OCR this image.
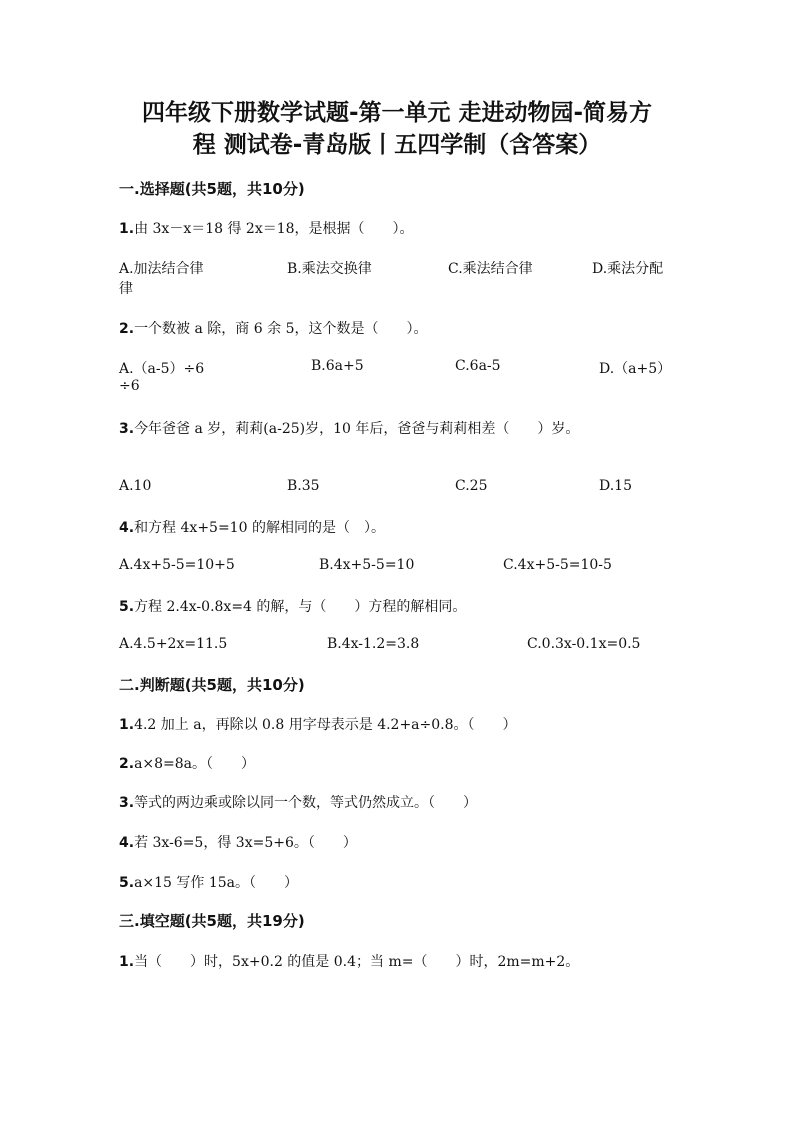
四年级下册数学试题-第一单元 走进动物园-简易方
程 测试卷-青岛版丨五四学制（含答案）
一.选择题(共5题，共10分)
1.由 3x－x＝18 得 2x＝18，是根据（　　）。
A.加法结合律	B.乘法交换律	C.乘法结合律	D.乘法分配
律
2.一个数被 a 除，商 6 余 5，这个数是（　　）。
A.（a-5）÷6	B.6a+5	C.6a-5	D.（a+5）
÷6
3.今年爸爸 a 岁，莉莉(a-25)岁，10 年后，爸爸与莉莉相差（　　）岁。
A.10	B.35	C.25	D.15
4.和方程 4x+5=10 的解相同的是（　）。
A.4x+5-5=10+5	B.4x+5-5=10	C.4x+5-5=10-5
5.方程 2.4x-0.8x=4 的解，与（　　）方程的解相同。
A.4.5+2x=11.5	B.4x-1.2=3.8	C.0.3x-0.1x=0.5
二.判断题(共5题，共10分)
1.4.2 加上 a，再除以 0.8 用字母表示是 4.2+a÷0.8。（　　）
2.a×8=8a。（　　）
3.等式的两边乘或除以同一个数，等式仍然成立。（　　）
4.若 3x-6=5，得 3x=5+6。（　　）
5.a×15 写作 15a。（　　）
三.填空题(共5题，共19分)
1.当（　　）时，5x+0.2 的值是 0.4；当 m=（　　）时，2m=m+2。
